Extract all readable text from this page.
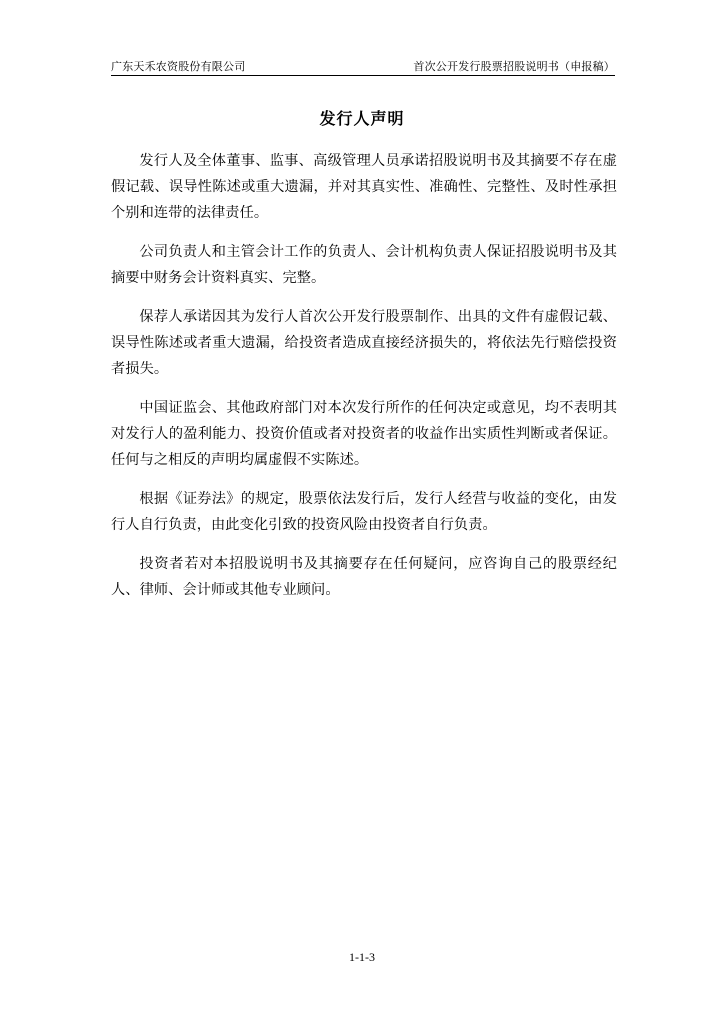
广东天禾农资股份有限公司	首次公开发行股票招股说明书（申报稿）
发行人声明

发行人及全体董事、监事、高级管理人员承诺招股说明书及其摘要不存在虚假记载、误导性陈述或重大遗漏，并对其真实性、准确性、完整性、及时性承担个别和连带的法律责任。

公司负责人和主管会计工作的负责人、会计机构负责人保证招股说明书及其摘要中财务会计资料真实、完整。

保荐人承诺因其为发行人首次公开发行股票制作、出具的文件有虚假记载、误导性陈述或者重大遗漏，给投资者造成直接经济损失的，将依法先行赔偿投资者损失。

中国证监会、其他政府部门对本次发行所作的任何决定或意见，均不表明其对发行人的盈利能力、投资价值或者对投资者的收益作出实质性判断或者保证。任何与之相反的声明均属虚假不实陈述。

根据《证券法》的规定，股票依法发行后，发行人经营与收益的变化，由发行人自行负责，由此变化引致的投资风险由投资者自行负责。

投资者若对本招股说明书及其摘要存在任何疑问，应咨询自己的股票经纪人、律师、会计师或其他专业顾问。

1-1-3
